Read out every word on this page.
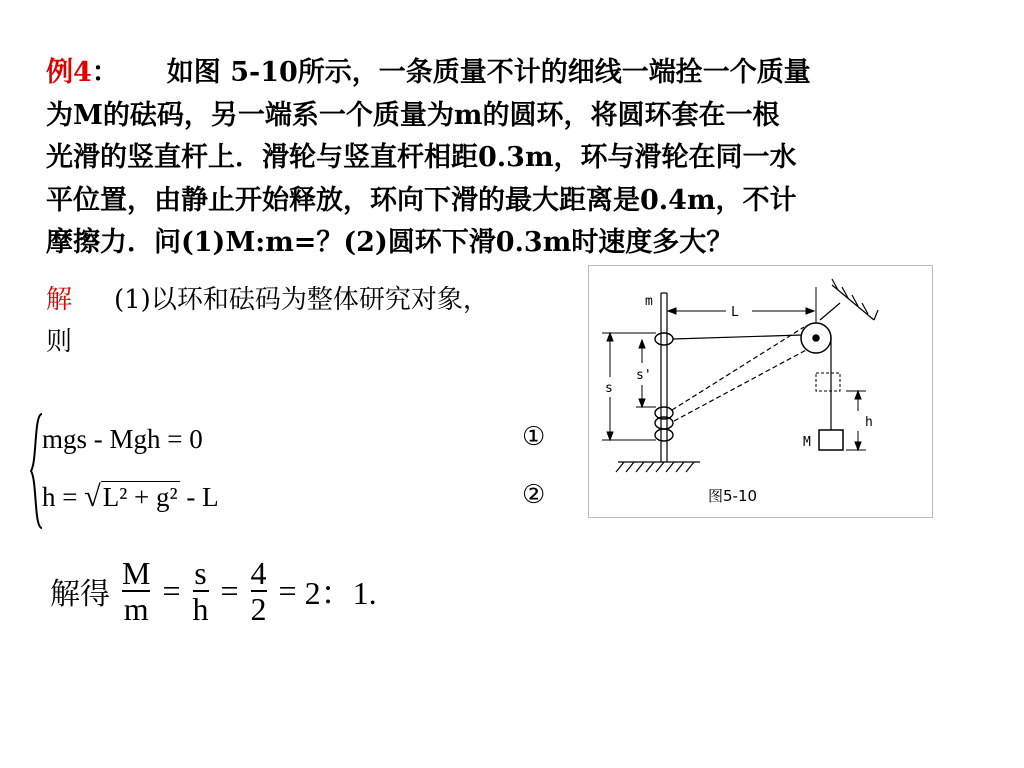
例4： 如图 5-10所示，一条质量不计的细线一端拴一个质量

为M的砝码，另一端系一个质量为m的圆环，将圆环套在一根

光滑的竖直杆上．滑轮与竖直杆相距0.3m，环与滑轮在同一水

平位置，由静止开始释放，环向下滑的最大距离是0.4m，不计

摩擦力．问(1)M:m=？(2)圆环下滑0.3m时速度多大？

解 (1)以环和砝码为整体研究对象，

则

mgs - Mgh = 0
h = √L² + g² - L
①
②
解得 $\frac{M}{m} = \frac{s}{h} = \frac{4}{2} = 2$：1.
m
L
s
s'
h
M
图5-10
